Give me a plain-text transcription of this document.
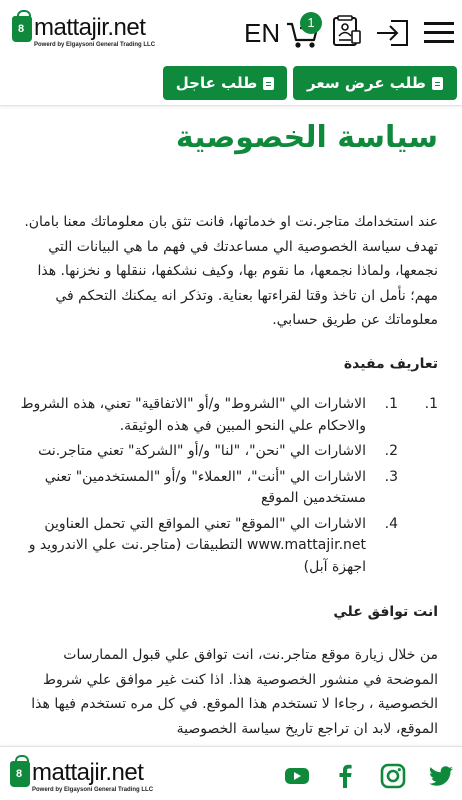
8 mattajir.net
Powerd by Elgaysoni General Trading LLC	EN	1
طلب عرض سعر
طلب عاجل
سياسة الخصوصية

عند استخدامك متاجر.نت او خدماتها، فانت تثق بان معلوماتك معنا بامان. تهدف سياسة الخصوصية الي مساعدتك في فهم ما هي البيانات التي نجمعها، ولماذا نجمعها، ما نقوم بها، وكيف نشكفها، ننقلها و نخزنها. هذا مهم؛ نأمل ان تاخذ وقتا لقراءتها بعناية. وتذكر انه يمكنك التحكم في معلوماتك عن طريق حسابي.

تعاريف مفيدة
1.
1.
الاشارات الي "الشروط" و/أو "الاتفاقية" تعني، هذه الشروط والاحكام علي النحو المبين في هذه الوثيقة.
2.
الاشارات الي "نحن"، "لنا" و/أو "الشركة" تعني متاجر.نت
3.
الاشارات الي "أنت"، "العملاء" و/أو "المستخدمين" تعني مستخدمين الموقع
4.
الاشارات الي "الموقع" تعني المواقع التي تحمل العناوين www.mattajir.net التطبيقات (متاجر.نت علي الاندرويد و اجهزة آبل)
انت توافق علي

من خلال زيارة موقع متاجر.نت، انت توافق علي قبول الممارسات الموضحة في منشور الخصوصية هذا. اذا كنت غير موافق علي شروط الخصوصية ، رجاءا لا تستخدم هذا الموقع. في كل مره تستخدم فيها هذا الموقع، لابد ان تراجع تاريخ سياسة الخصوصية

8 mattajir.net
Powerd by Elgaysoni General Trading LLC
